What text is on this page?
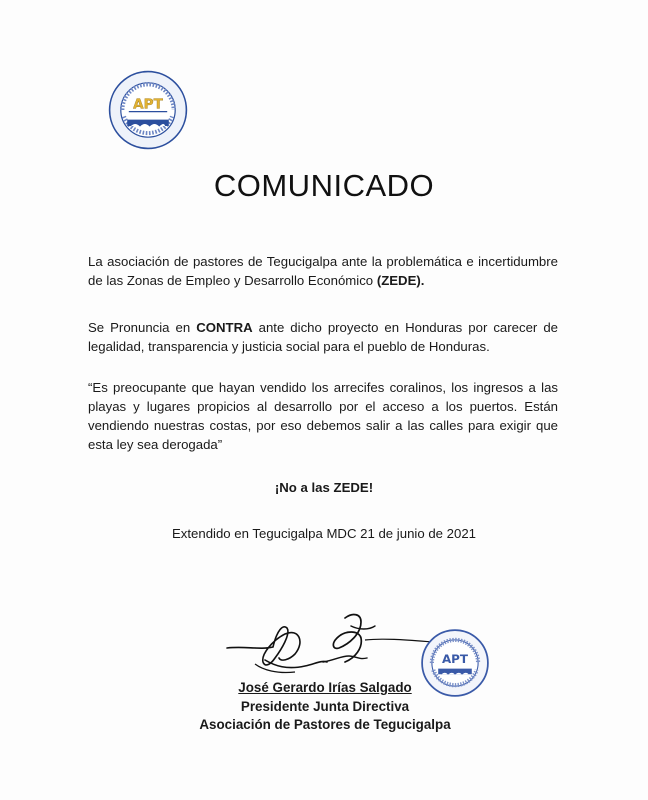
APT
COMUNICADO

La asociación de pastores de Tegucigalpa ante la problemática e incertidumbre de las Zonas de Empleo y Desarrollo Económico (ZEDE).

Se Pronuncia en CONTRA ante dicho proyecto en Honduras por carecer de legalidad, transparencia y justicia social para el pueblo de Honduras.

“Es preocupante que hayan vendido los arrecifes coralinos, los ingresos a las playas y lugares propicios al desarrollo por el acceso a los puertos. Están vendiendo nuestras costas, por eso debemos salir a las calles para exigir que esta ley sea derogada”

¡No a las ZEDE!
Extendido en Tegucigalpa MDC 21 de junio de 2021
APT
José Gerardo Irías Salgado
Presidente Junta Directiva
Asociación de Pastores de Tegucigalpa
